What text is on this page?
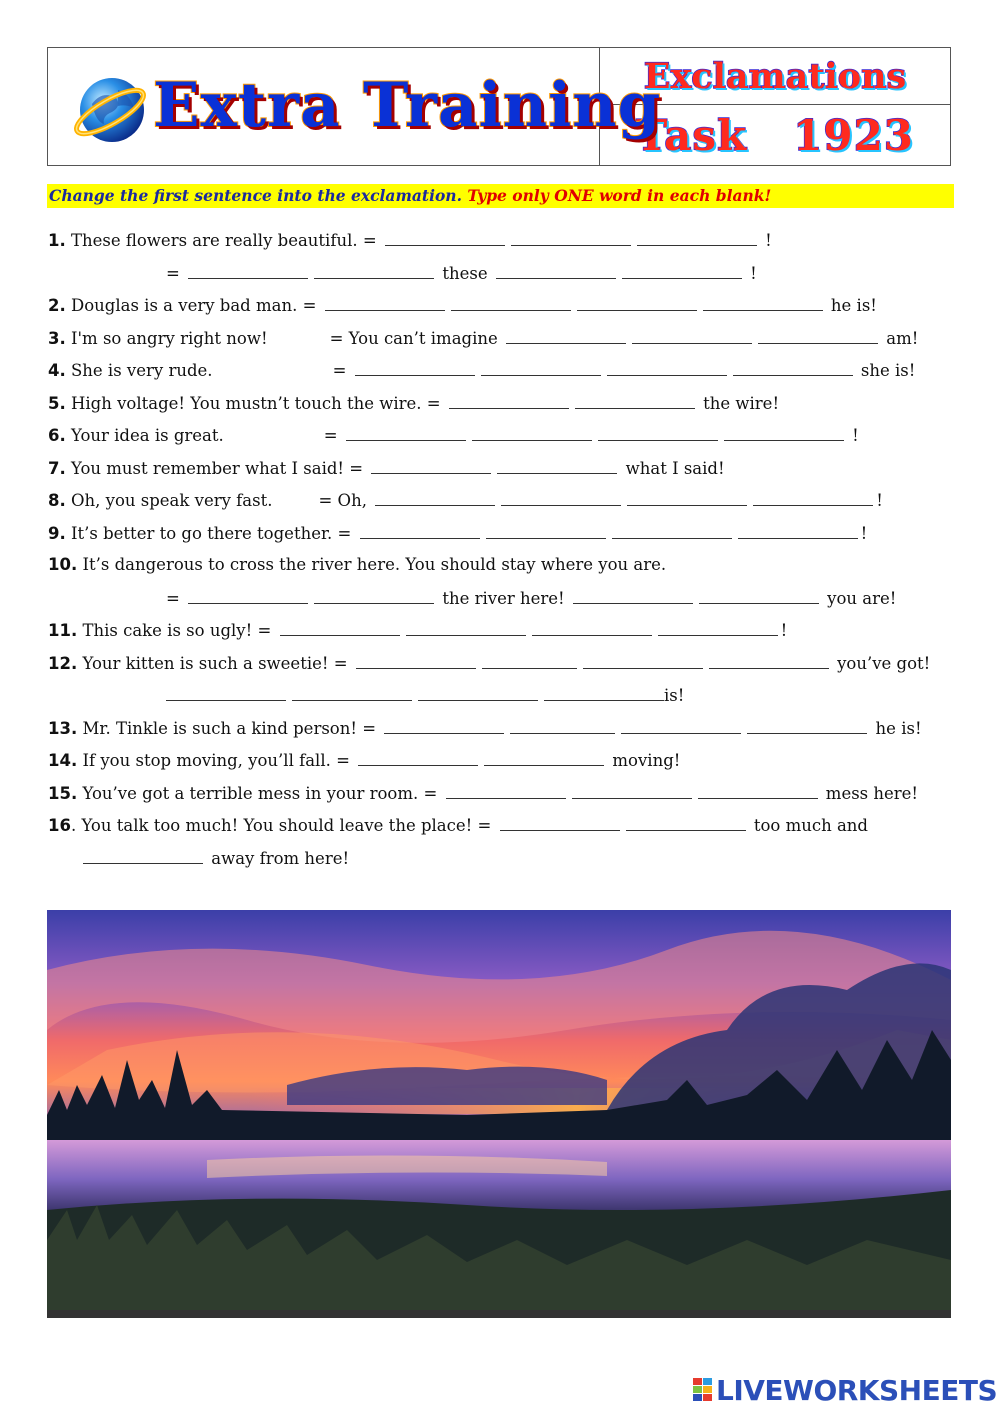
Extra Training
Exclamations
Task 1923
Change the first sentence into the exclamation. Type only ONE word in each blank!
1. These flowers are really beautiful. =	!
=	these	!
2. Douglas is a very bad man. =	he is!
3. I'm so angry right now!	= You can’t imagine	am!
4. She is very rude.	=	she is!
5. High voltage! You mustn’t touch the wire. =	the wire!
6. Your idea is great.	=	!
7. You must remember what I said! =	what I said!
8. Oh, you speak very fast.	= Oh,	!
9. It’s better to go there together. =	!
10. It’s dangerous to cross the river here. You should stay where you are.
=	the river here!	you are!
11. This cake is so ugly! =	!
12. Your kitten is such a sweetie! =	you’ve got!
is!
13. Mr. Tinkle is such a kind person! =	he is!
14. If you stop moving, you’ll fall. =	moving!
15. You’ve got a terrible mess in your room. =	mess here!
16. You talk too much! You should leave the place! =	too much and
away from here!
LIVEWORKSHEETS
